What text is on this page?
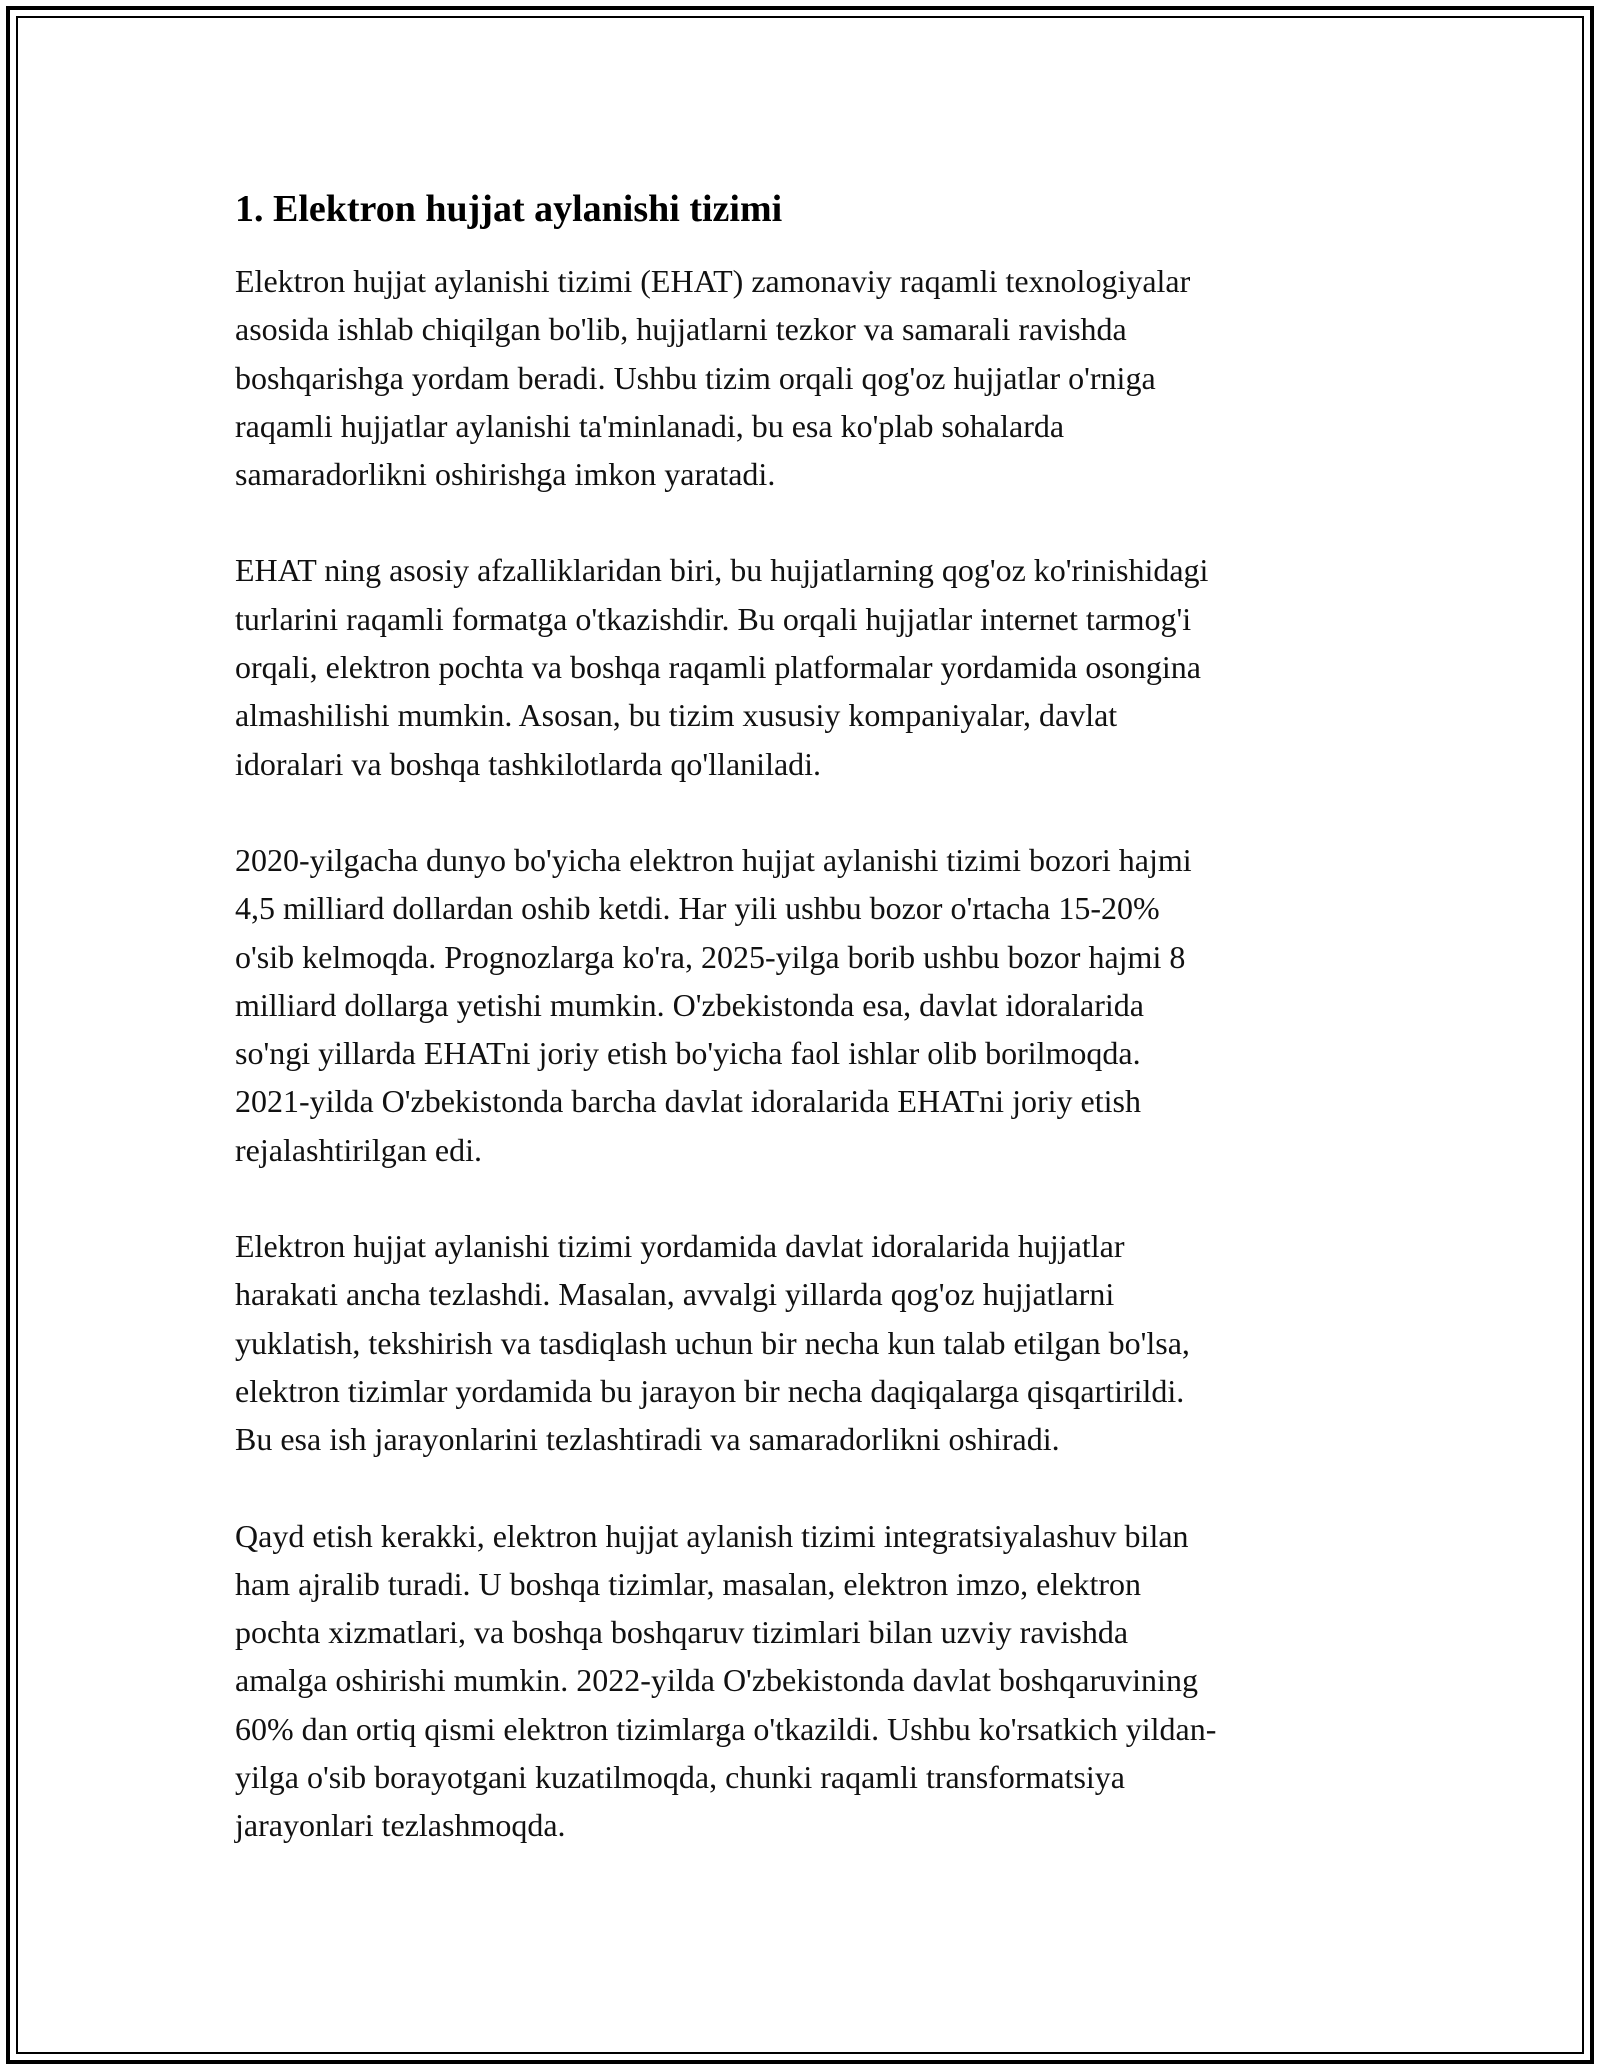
1. Elektron hujjat aylanishi tizimi

Elektron hujjat aylanishi tizimi (EHAT) zamonaviy raqamli texnologiyalar
asosida ishlab chiqilgan bo'lib, hujjatlarni tezkor va samarali ravishda
boshqarishga yordam beradi. Ushbu tizim orqali qog'oz hujjatlar o'rniga
raqamli hujjatlar aylanishi ta'minlanadi, bu esa ko'plab sohalarda
samaradorlikni oshirishga imkon yaratadi.

EHAT ning asosiy afzalliklaridan biri, bu hujjatlarning qog'oz ko'rinishidagi
turlarini raqamli formatga o'tkazishdir. Bu orqali hujjatlar internet tarmog'i
orqali, elektron pochta va boshqa raqamli platformalar yordamida osongina
almashilishi mumkin. Asosan, bu tizim xususiy kompaniyalar, davlat
idoralari va boshqa tashkilotlarda qo'llaniladi.

2020-yilgacha dunyo bo'yicha elektron hujjat aylanishi tizimi bozori hajmi
4,5 milliard dollardan oshib ketdi. Har yili ushbu bozor o'rtacha 15-20%
o'sib kelmoqda. Prognozlarga ko'ra, 2025-yilga borib ushbu bozor hajmi 8
milliard dollarga yetishi mumkin. O'zbekistonda esa, davlat idoralarida
so'ngi yillarda EHATni joriy etish bo'yicha faol ishlar olib borilmoqda.
2021-yilda O'zbekistonda barcha davlat idoralarida EHATni joriy etish
rejalashtirilgan edi.

Elektron hujjat aylanishi tizimi yordamida davlat idoralarida hujjatlar
harakati ancha tezlashdi. Masalan, avvalgi yillarda qog'oz hujjatlarni
yuklatish, tekshirish va tasdiqlash uchun bir necha kun talab etilgan bo'lsa,
elektron tizimlar yordamida bu jarayon bir necha daqiqalarga qisqartirildi.
Bu esa ish jarayonlarini tezlashtiradi va samaradorlikni oshiradi.

Qayd etish kerakki, elektron hujjat aylanish tizimi integratsiyalashuv bilan
ham ajralib turadi. U boshqa tizimlar, masalan, elektron imzo, elektron
pochta xizmatlari, va boshqa boshqaruv tizimlari bilan uzviy ravishda
amalga oshirishi mumkin. 2022-yilda O'zbekistonda davlat boshqaruvining
60% dan ortiq qismi elektron tizimlarga o'tkazildi. Ushbu ko'rsatkich yildan-
yilga o'sib borayotgani kuzatilmoqda, chunki raqamli transformatsiya
jarayonlari tezlashmoqda.
